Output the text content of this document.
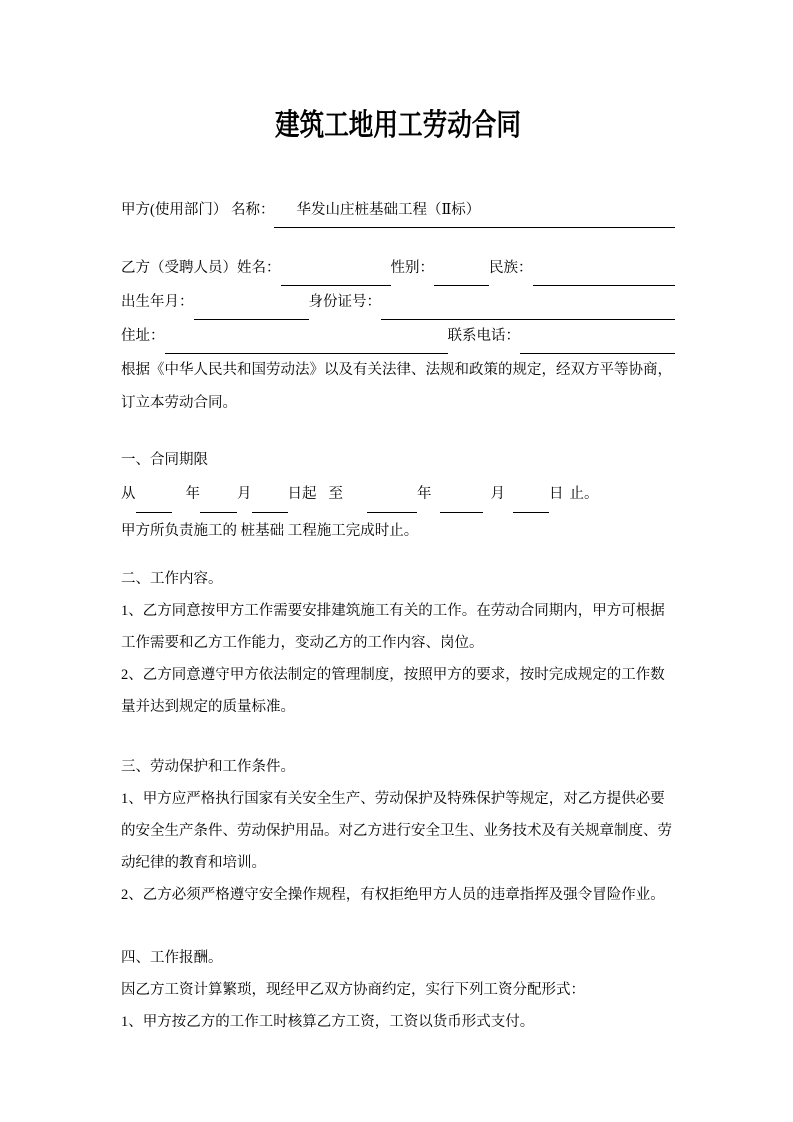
建筑工地用工劳动合同
甲方(使用部门） 名称：	华发山庄桩基础工程（Ⅱ标）
乙方（受聘人员）姓名：
	性别：
	民族：

出生年月：
	身份证号：

住址：
	联系电话：

根据《中华人民共和国劳动法》以及有关法律、法规和政策的规定，经双方平等协商，
订立本劳动合同。
一、合同期限
从
	年
	月
日起 至
	年
	月
	日 止。
甲方所负责施工的 桩基础 工程施工完成时止。
二、工作内容。
1、乙方同意按甲方工作需要安排建筑施工有关的工作。在劳动合同期内，甲方可根据
工作需要和乙方工作能力，变动乙方的工作内容、岗位。
2、乙方同意遵守甲方依法制定的管理制度，按照甲方的要求，按时完成规定的工作数
量并达到规定的质量标准。
三、劳动保护和工作条件。
1、甲方应严格执行国家有关安全生产、劳动保护及特殊保护等规定，对乙方提供必要
的安全生产条件、劳动保护用品。对乙方进行安全卫生、业务技术及有关规章制度、劳
动纪律的教育和培训。
2、乙方必须严格遵守安全操作规程，有权拒绝甲方人员的违章指挥及强令冒险作业。
四、工作报酬。
因乙方工资计算繁琐，现经甲乙双方协商约定，实行下列工资分配形式：
1、甲方按乙方的工作工时核算乙方工资，工资以货币形式支付。
